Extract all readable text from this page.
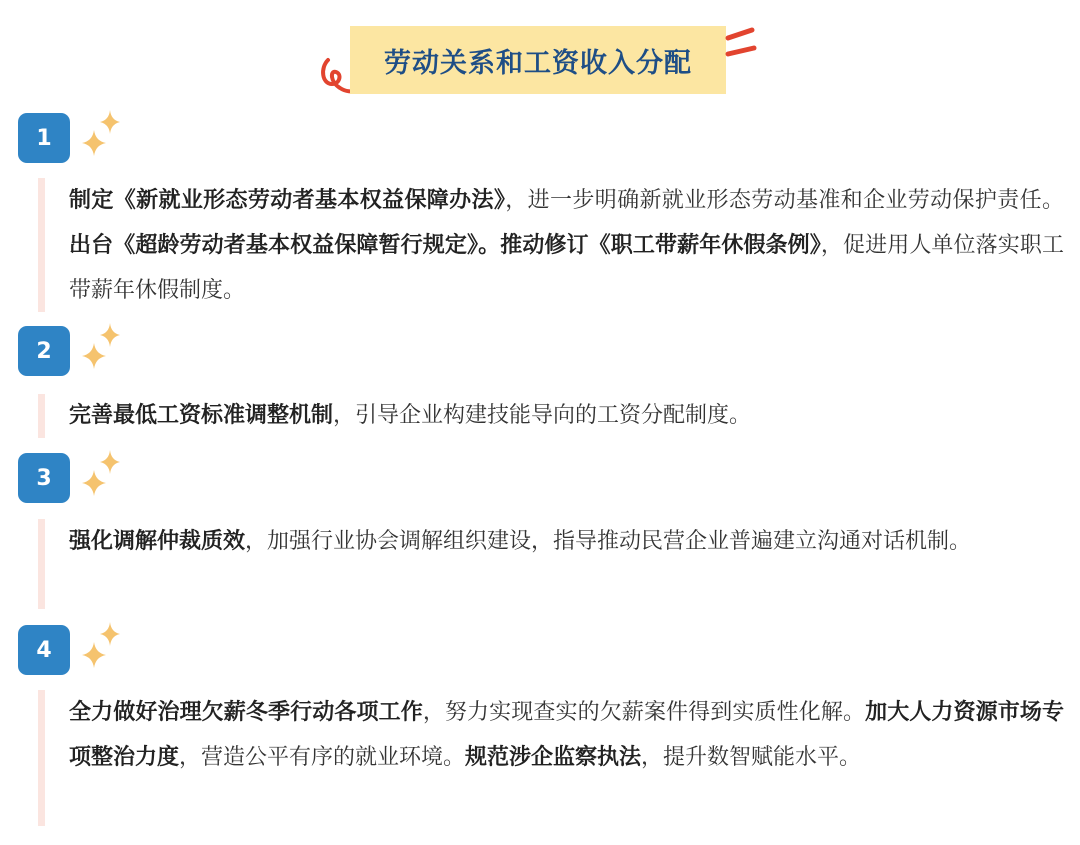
劳动关系和工资收入分配
1

制定《新就业形态劳动者基本权益保障办法》，进一步明确新就业形态劳动基准和企业劳动保护责任。出台《超龄劳动者基本权益保障暂行规定》。推动修订《职工带薪年休假条例》，促进用人单位落实职工带薪年休假制度。

2

完善最低工资标准调整机制，引导企业构建技能导向的工资分配制度。

3

强化调解仲裁质效，加强行业协会调解组织建设，指导推动民营企业普遍建立沟通对话机制。

4

全力做好治理欠薪冬季行动各项工作，努力实现查实的欠薪案件得到实质性化解。加大人力资源市场专项整治力度，营造公平有序的就业环境。规范涉企监察执法，提升数智赋能水平。
